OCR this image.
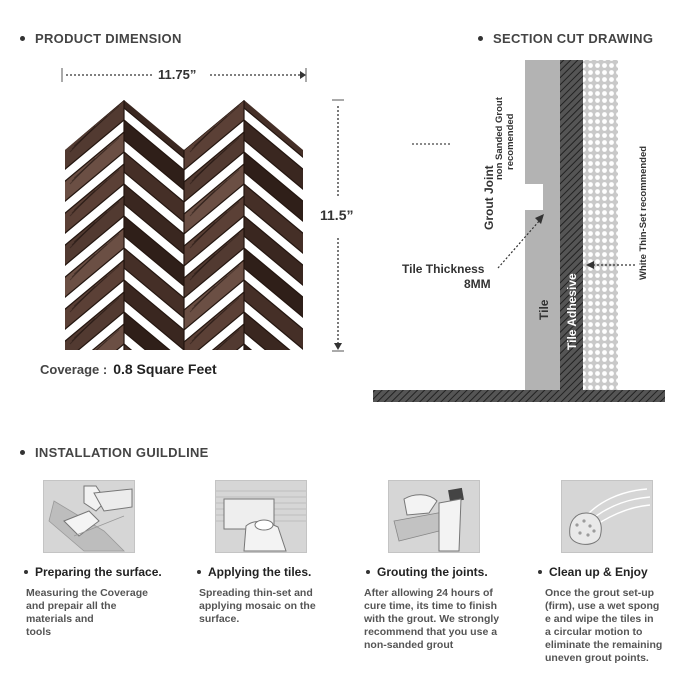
PRODUCT DIMENSION
11.75”
11.5”
Coverage : 0.8 Square Feet
SECTION CUT DRAWING
Grout Joint
non Sanded Grout recomended
White Thin-Set recommended
Tile Tile Adhesive
Tile Thickness
8MM
INSTALLATION GUILDLINE
Preparing the surface.
Measuring the Coverage
and prepair all the
materials and
tools
Applying the tiles.
Spreading thin-set and
applying mosaic on the
surface.
Grouting the joints.
After allowing 24 hours of
cure time, its time to finish
with the grout. We strongly
recommend that you use a
non-sanded grout
Clean up & Enjoy
Once the grout set-up
(firm), use a wet spong
e and wipe the tiles in
a circular motion to
eliminate the remaining
uneven grout points.
